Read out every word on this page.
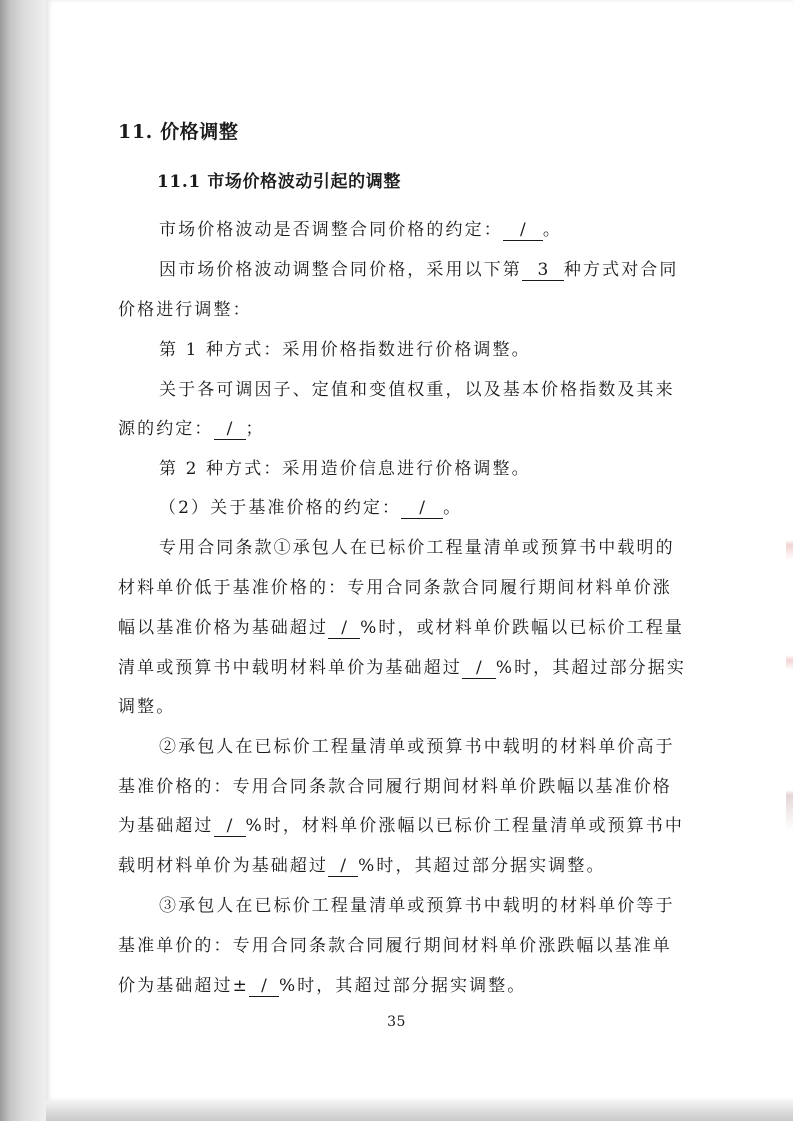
11. 价格调整

11.1 市场价格波动引起的调整

市场价格波动是否调整合同价格的约定： / 。

因市场价格波动调整合同价格，采用以下第 3 种方式对合同

价格进行调整：

第 1 种方式：采用价格指数进行价格调整。

关于各可调因子、定值和变值权重，以及基本价格指数及其来

源的约定： / ；

第 2 种方式：采用造价信息进行价格调整。

（2）关于基准价格的约定： / 。

专用合同条款①承包人在已标价工程量清单或预算书中载明的

材料单价低于基准价格的：专用合同条款合同履行期间材料单价涨

幅以基准价格为基础超过 / %时，或材料单价跌幅以已标价工程量

清单或预算书中载明材料单价为基础超过 / %时，其超过部分据实

调整。

②承包人在已标价工程量清单或预算书中载明的材料单价高于

基准价格的：专用合同条款合同履行期间材料单价跌幅以基准价格

为基础超过 / %时，材料单价涨幅以已标价工程量清单或预算书中

载明材料单价为基础超过 / %时，其超过部分据实调整。

③承包人在已标价工程量清单或预算书中载明的材料单价等于

基准单价的：专用合同条款合同履行期间材料单价涨跌幅以基准单

价为基础超过± / %时，其超过部分据实调整。

35
